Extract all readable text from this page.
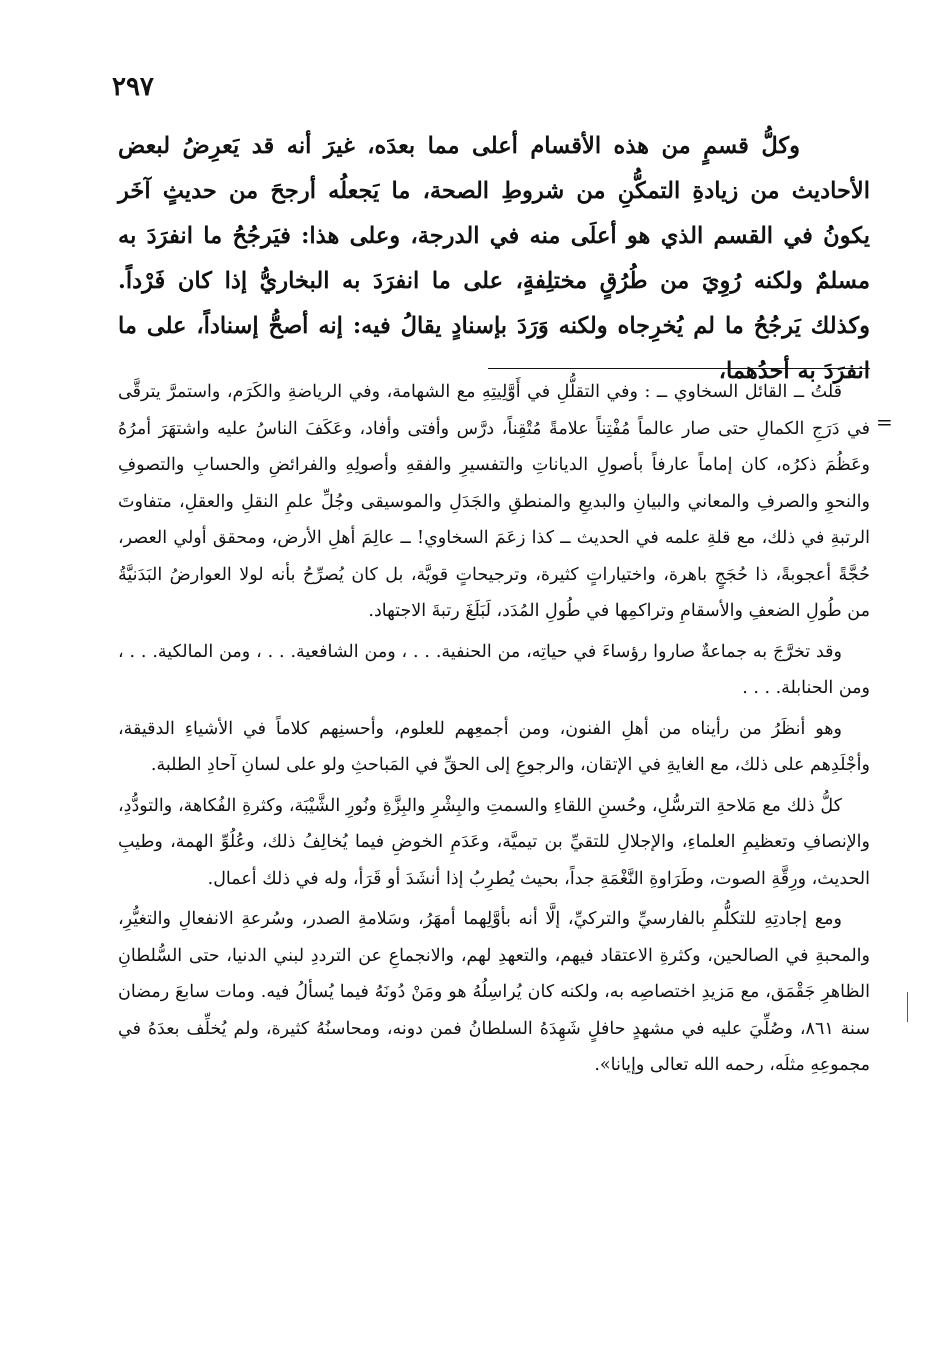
٢٩٧

وكلُّ قسمٍ من هذه الأقسام أعلى مما بعدَه، غيرَ أنه قد يَعرِضُ لبعض الأحاديث من زيادةِ التمكُّنِ من شروطِ الصحة، ما يَجعلُه أرجحَ من حديثٍ آخَر يكونُ في القسم الذي هو أعلَى منه في الدرجة، وعلى هذا: فيَرجُحُ ما انفرَدَ به مسلمٌ ولكنه رُوِيَ من طُرُقٍ مختلِفةٍ، على ما انفرَدَ به البخاريُّ إذا كان فَرْداً. وكذلك يَرجُحُ ما لم يُخرِجاه ولكنه وَرَدَ بإسنادٍ يقالُ فيه: إنه أصحُّ إسناداً، على ما انفرَدَ به أحدُهما،

=

قلتُ ــ القائل السخاوي ــ : وفي التقلُّلِ في أَوَّلِيتِهِ مع الشهامة، وفي الرياضةِ والكَرَم، واستمرَّ يترقَّى في دَرَجِ الكمالِ حتى صار عالماً مُفْتِناً علامةً مُتْقِناً، درَّس وأفتى وأفاد، وعَكَفَ الناسُ عليه واشتهَرَ أمرُهُ وعَظُمَ ذكرُه، كان إماماً عارفاً بأصولِ الدياناتِ والتفسيرِ والفقهِ وأصولِهِ والفرائضِ والحسابِ والتصوفِ والنحوِ والصرفِ والمعاني والبيانِ والبديعِ والمنطقِ والجَدَلِ والموسيقى وجُلِّ علمِ النقلِ والعقلِ، متفاوتَ الرتبةِ في ذلك، مع قلةِ علمه في الحديث ــ كذا زعَمَ السخاوي! ــ عالِمَ أهلِ الأرض، ومحقق أولي العصر، حُجَّةً أعجوبةً، ذا حُجَجٍ باهرة، واختياراتٍ كثيرة، وترجيحاتٍ قويَّة، بل كان يُصرِّحُ بأنه لولا العوارضُ البَدَنيَّةُ من طُولِ الضعفِ والأسقامِ وتراكمِها في طُولِ المُدَد، لَبَلَغَ رتبةَ الاجتهاد.

وقد تخرَّجَ به جماعةٌ صاروا رؤساءَ في حياتِه، من الحنفية. . . ، ومن الشافعية. . . ، ومن المالكية. . . ، ومن الحنابلة. . . .

وهو أنظَرُ من رأيناه من أهلِ الفنون، ومن أجمعِهم للعلوم، وأحسنِهم كلاماً في الأشياءِ الدقيقة، وأجْلَدِهم على ذلك، مع الغايةِ في الإتقان، والرجوعِ إلى الحقِّ في المَباحثِ ولو على لسانِ آحادِ الطلبة.

كلُّ ذلك مع مَلاحةِ الترسُّلِ، وحُسنِ اللقاءِ والسمتِ والبِشْرِ والبِزَّةِ ونُورِ الشَّيْبَة، وكثرةِ الفُكاهة، والتودُّدِ، والإنصافِ وتعظيمِ العلماءِ، والإجلالِ للتقيِّ بن تيميَّة، وعَدَمِ الخوضِ فيما يُخالِفُ ذلك، وعُلُوِّ الهمة، وطيبِ الحديث، ورِقَّةِ الصوت، وطَرَاوةِ النَّغْمَةِ جداً، بحيث يُطرِبُ إذا أنشَدَ أو قَرَأ، وله في ذلك أعمال.

ومع إجادتِهِ للتكلُّمِ بالفارسيِّ والتركيِّ، إلَّا أنه بأوَّلِهما أمهَرُ، وسَلامةِ الصدر، وسُرعةِ الانفعالِ والتغيُّرِ، والمحبةِ في الصالحين، وكثرةِ الاعتقاد فيهم، والتعهدِ لهم، والانجماعِ عن الترددِ لبني الدنيا، حتى السُّلطانِ الظاهرِ جَقْمَق، مع مَزيدِ اختصاصِه به، ولكنه كان يُراسِلُهُ هو ومَنْ دُونَهُ فيما يُسألُ فيه. ومات سابعَ رمضان سنة ٨٦١، وصُلِّيَ عليه في مشهدٍ حافلٍ شَهِدَهُ السلطانُ فمن دونه، ومحاسنُهُ كثيرة، ولم يُخلِّف بعدَهُ في مجموعِهِ مثلَه، رحمه الله تعالى وإيانا».
